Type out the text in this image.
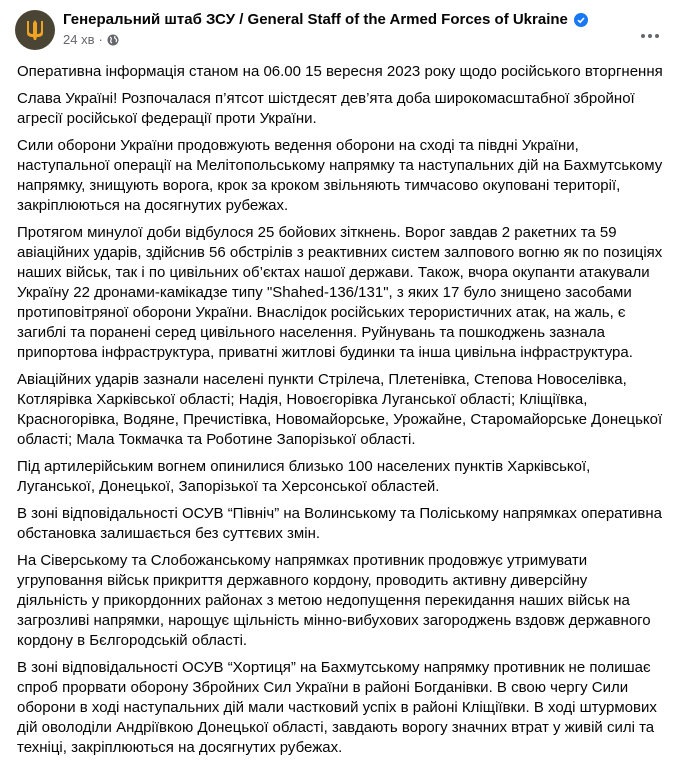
Генеральний штаб ЗСУ / General Staff of the Armed Forces of Ukraine
24 хв ·

Оперативна інформація станом на 06.00 15 вересня 2023 року щодо російського вторгнення

Слава Україні! Розпочалася п’ятсот шістдесят дев’ята доба широкомасштабної збройної
агресії російської федерації проти України.

Сили оборони України продовжують ведення оборони на сході та півдні України,
наступальної операції на Мелітопольському напрямку та наступальних дій на Бахмутському
напрямку, знищують ворога, крок за кроком звільняють тимчасово окуповані території,
закріплюються на досягнутих рубежах.

Протягом минулої доби відбулося 25 бойових зіткнень. Ворог завдав 2 ракетних та 59
авіаційних ударів, здійснив 56 обстрілів з реактивних систем залпового вогню як по позиціях
наших військ, так і по цивільних об’єктах нашої держави. Також, вчора окупанти атакували
Україну 22 дронами-камікадзе типу "Shahed-136/131", з яких 17 було знищено засобами
протиповітряної оборони України. Внаслідок російських терористичних атак, на жаль, є
загиблі та поранені серед цивільного населення. Руйнувань та пошкоджень зазнала
припортова інфраструктура, приватні житлові будинки та інша цивільна інфраструктура.

Авіаційних ударів зазнали населені пункти Стрілеча, Плетенівка, Степова Новоселівка,
Котлярівка Харківської області; Надія, Новоєгорівка Луганської області; Кліщіївка,
Красногорівка, Водяне, Пречистівка, Новомайорське, Урожайне, Старомайорське Донецької
області; Мала Токмачка та Роботине Запорізької області.

Під артилерійським вогнем опинилися близько 100 населених пунктів Харківської,
Луганської, Донецької, Запорізької та Херсонської областей.

В зоні відповідальності ОСУВ “Північ” на Волинському та Поліському напрямках оперативна
обстановка залишається без суттєвих змін.

На Сіверському та Слобожанському напрямках противник продовжує утримувати
угруповання військ прикриття державного кордону, проводить активну диверсійну
діяльність у прикордонних районах з метою недопущення перекидання наших військ на
загрозливі напрямки, нарощує щільність мінно-вибухових загороджень вздовж державного
кордону в Бєлгородській області.

В зоні відповідальності ОСУВ “Хортиця” на Бахмутському напрямку противник не полишає
спроб прорвати оборону Збройних Сил України в районі Богданівки. В свою чергу Сили
оборони в ході наступальних дій мали частковий успіх в районі Кліщіївки. В ході штурмових
дій оволоділи Андріївкою Донецької області, завдають ворогу значних втрат у живій силі та
техніці, закріплюються на досягнутих рубежах.
